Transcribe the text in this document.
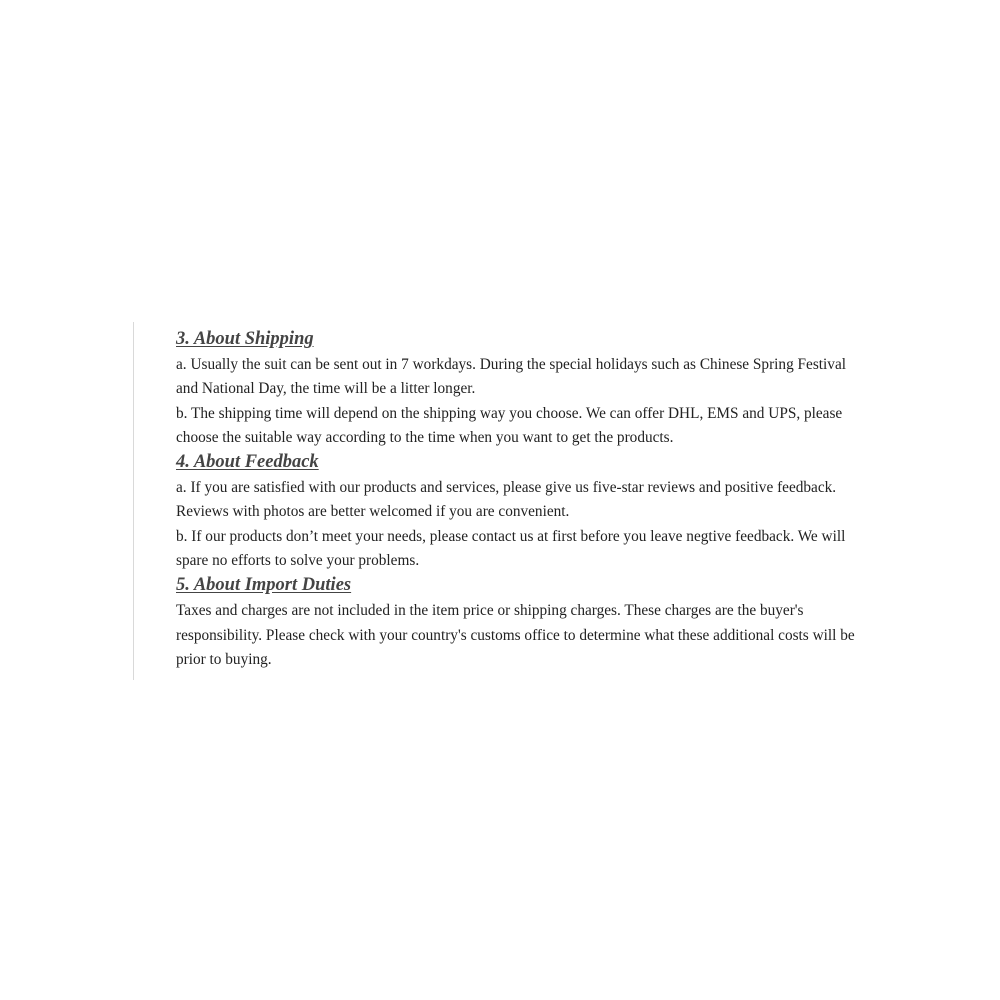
3. About Shipping

a. Usually the suit can be sent out in 7 workdays. During the special holidays such as Chinese Spring Festival and National Day, the time will be a litter longer.

b. The shipping time will depend on the shipping way you choose. We can offer DHL, EMS and UPS, please choose the suitable way according to the time when you want to get the products.

4. About Feedback

a. If you are satisfied with our products and services, please give us five-star reviews and positive feedback. Reviews with photos are better welcomed if you are convenient.

b. If our products don’t meet your needs, please contact us at first before you leave negtive feedback. We will spare no efforts to solve your problems.

5. About Import Duties

Taxes and charges are not included in the item price or shipping charges. These charges are the buyer's responsibility. Please check with your country's customs office to determine what these additional costs will be prior to buying.
